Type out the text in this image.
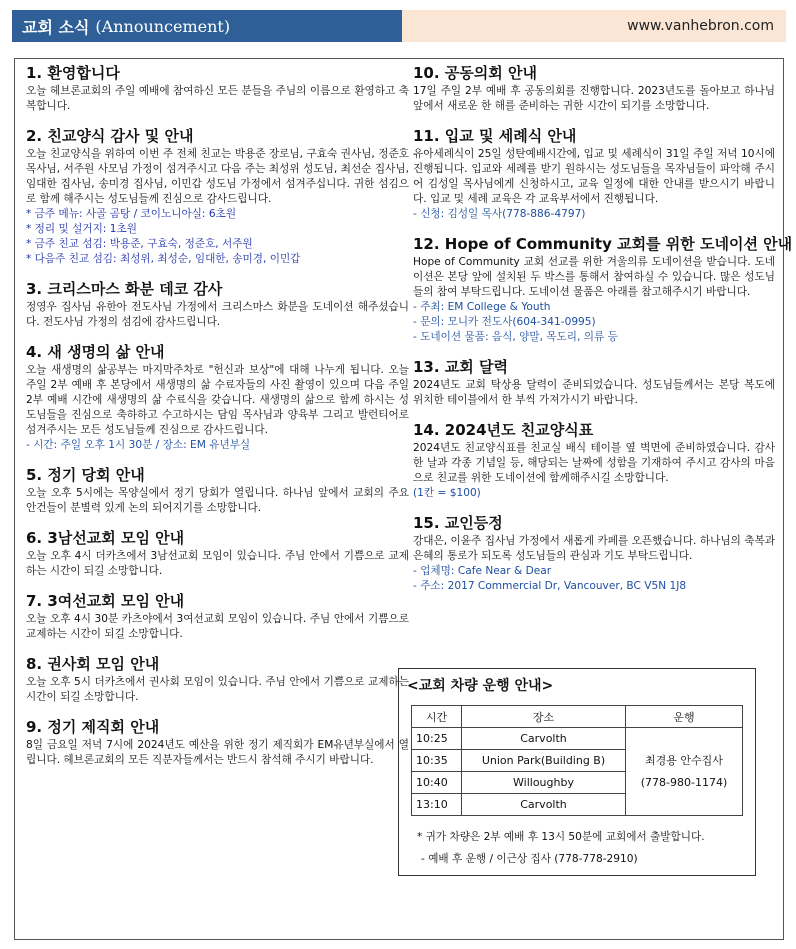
교회 소식 (Announcement)	www.vanhebron.com
1. 환영합니다
오늘 헤브론교회의 주일 예배에 참여하신 모든 분들을 주님의 이름으로 환영하고 축복합니다.
2. 친교양식 감사 및 안내
오늘 친교양식을 위하여 이번 주 전체 친교는 박용준 장로님, 구효숙 권사님, 정준호 목사님, 서주원 사모님 가정이 섬겨주시고 다음 주는 최성위 성도님, 최선순 집사님, 임대한 집사님, 송미경 집사님, 이민갑 성도님 가정에서 섬겨주십니다. 귀한 섬김으로 함께 해주시는 성도님들께 진심으로 감사드립니다.
* 금주 메뉴: 사골 곰탕 / 코이노니아실: 6초원
* 정리 및 설거지: 1초원
* 금주 친교 섬김: 박용준, 구효숙, 정준호, 서주원
* 다음주 친교 섬김: 최성위, 최성순, 임대한, 송미경, 이민갑
3. 크리스마스 화분 데코 감사
정영우 집사님 유한아 전도사님 가정에서 크리스마스 화분을 도네이션 해주셨습니다. 전도사님 가정의 섬김에 감사드립니다.
4. 새 생명의 삶 안내
오늘 새생명의 삶공부는 마지막주차로 "헌신과 보상"에 대해 나누게 됩니다. 오늘 주일 2부 예배 후 본당에서 새생명의 삶 수료자들의 사진 촬영이 있으며 다음 주일 2부 예배 시간에 새생명의 삶 수료식을 갖습니다. 새생명의 삶으로 함께 하시는 성도님들을 진심으로 축하하고 수고하시는 담임 목사님과 양육부 그리고 발런티어로 섬겨주시는 모든 성도님들께 진심으로 감사드립니다.
- 시간: 주일 오후 1시 30분 / 장소: EM 유년부실
5. 정기 당회 안내
오늘 오후 5시에는 목양실에서 정기 당회가 열립니다. 하나님 앞에서 교회의 주요 안건들이 분별력 있게 논의 되어지기를 소망합니다.
6. 3남선교회 모임 안내
오늘 오후 4시 더카츠에서 3남선교회 모임이 있습니다. 주님 안에서 기쁨으로 교제하는 시간이 되길 소망합니다.
7. 3여선교회 모임 안내
오늘 오후 4시 30분 카츠야에서 3여선교회 모임이 있습니다. 주님 안에서 기쁨으로 교제하는 시간이 되길 소망합니다.
8. 권사회 모임 안내
오늘 오후 5시 더카츠에서 권사회 모임이 있습니다. 주님 안에서 기쁨으로 교제하는 시간이 되길 소망합니다.
9. 정기 제직회 안내
8일 금요일 저녁 7시에 2024년도 예산을 위한 정기 제직회가 EM유년부실에서 열립니다. 헤브론교회의 모든 직분자들께서는 반드시 참석해 주시기 바랍니다.
10. 공동의회 안내
17일 주일 2부 예배 후 공동의회를 진행합니다. 2023년도를 돌아보고 하나님 앞에서 새로운 한 해를 준비하는 귀한 시간이 되기를 소망합니다.
11. 입교 및 세례식 안내
유아세례식이 25일 성탄예배시간에, 입교 및 세례식이 31일 주일 저녁 10시에 진행됩니다. 입교와 세례를 받기 원하시는 성도님들을 목자님들이 파악해 주시어 김성일 목사님에게 신청하시고, 교육 일정에 대한 안내를 받으시기 바랍니다. 입교 및 세례 교육은 각 교육부서에서 진행됩니다.
- 신청: 김성일 목사(778-886-4797)
12. Hope of Community 교회를 위한 도네이션 안내
Hope of Community 교회 선교를 위한 겨울의류 도네이션을 받습니다. 도네이션은 본당 앞에 설치된 두 박스를 통해서 참여하실 수 있습니다. 많은 성도님들의 참여 부탁드립니다. 도네이션 물품은 아래를 참고해주시기 바랍니다.
- 주최: EM College & Youth
- 문의: 모니카 전도사(604-341-0995)
- 도네이션 물품: 음식, 양말, 목도리, 의류 등
13. 교회 달력
2024년도 교회 탁상용 달력이 준비되었습니다. 성도님들께서는 본당 복도에 위치한 테이블에서 한 부씩 가져가시기 바랍니다.
14. 2024년도 친교양식표
2024년도 친교양식표를 친교실 배식 테이블 옆 벽면에 준비하였습니다. 감사한 날과 각종 기념일 등, 해당되는 날짜에 성함을 기재하여 주시고 감사의 마음으로 친교를 위한 도네이션에 함께해주시길 소망합니다.
(1칸 = $100)
15. 교인등정
강대은, 이윤주 집사님 가정에서 새롭게 카페를 오픈했습니다. 하나님의 축복과 은혜의 통로가 되도록 성도님들의 관심과 기도 부탁드립니다.
- 업체명: Cafe Near & Dear
- 주소: 2017 Commercial Dr, Vancouver, BC V5N 1J8
<교회 차량 운행 안내>
시간	장소	운행
10:25	Carvolth	최경용 안수집사
(778-980-1174)

10:35	Union Park(Building B)	
10:40	Willoughby	
13:10	Carvolth	
* 귀가 차량은 2부 예배 후 13시 50분에 교회에서 출발합니다.
- 예배 후 운행 / 이근상 집사 (778-778-2910)
